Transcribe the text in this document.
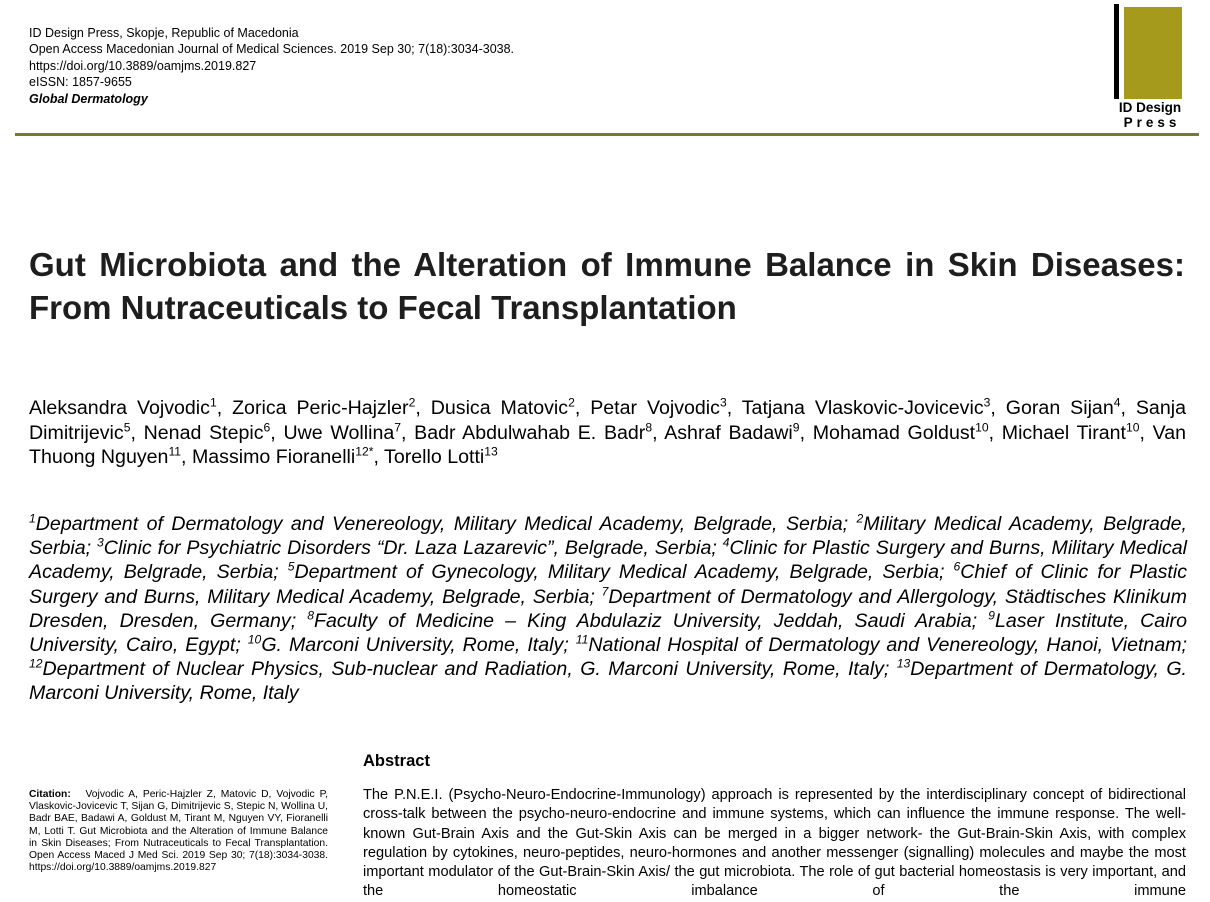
ID Design Press, Skopje, Republic of Macedonia
Open Access Macedonian Journal of Medical Sciences. 2019 Sep 30; 7(18):3034-3038.
https://doi.org/10.3889/oamjms.2019.827
eISSN: 1857-9655
Global Dermatology
ID Design
Press
Gut Microbiota and the Alteration of Immune Balance in Skin Diseases: From Nutraceuticals to Fecal Transplantation

Aleksandra Vojvodic$^1$, Zorica Peric-Hajzler$^2$, Dusica Matovic$^2$, Petar Vojvodic$^3$, Tatjana Vlaskovic-Jovicevic$^3$, Goran Sijan$^4$, Sanja Dimitrijevic$^5$, Nenad Stepic$^6$, Uwe Wollina$^7$, Badr Abdulwahab E. Badr$^8$, Ashraf Badawi$^9$, Mohamad Goldust$^{10}$, Michael Tirant$^{10}$, Van Thuong Nguyen$^{11}$, Massimo Fioranelli$^{12*}$, Torello Lotti$^{13}$

$^1$Department of Dermatology and Venereology, Military Medical Academy, Belgrade, Serbia; $^2$Military Medical Academy, Belgrade, Serbia; $^3$Clinic for Psychiatric Disorders “Dr. Laza Lazarevic”, Belgrade, Serbia; $^4$Clinic for Plastic Surgery and Burns, Military Medical Academy, Belgrade, Serbia; $^5$Department of Gynecology, Military Medical Academy, Belgrade, Serbia; $^6$Chief of Clinic for Plastic Surgery and Burns, Military Medical Academy, Belgrade, Serbia; $^7$Department of Dermatology and Allergology, Städtisches Klinikum Dresden, Dresden, Germany; $^8$Faculty of Medicine – King Abdulaziz University, Jeddah, Saudi Arabia; $^9$Laser Institute, Cairo University, Cairo, Egypt; $^{10}$G. Marconi University, Rome, Italy; $^{11}$National Hospital of Dermatology and Venereology, Hanoi, Vietnam; $^{12}$Department of Nuclear Physics, Sub-nuclear and Radiation, G. Marconi University, Rome, Italy; $^{13}$Department of Dermatology, G. Marconi University, Rome, Italy

Citation: Vojvodic A, Peric-Hajzler Z, Matovic D, Vojvodic P, Vlaskovic-Jovicevic T, Sijan G, Dimitrijevic S, Stepic N, Wollina U, Badr BAE, Badawi A, Goldust M, Tirant M, Nguyen VY, Fioranelli M, Lotti T. Gut Microbiota and the Alteration of Immune Balance in Skin Diseases; From Nutraceuticals to Fecal Transplantation. Open Access Maced J Med Sci. 2019 Sep 30; 7(18):3034-3038. https://doi.org/10.3889/oamjms.2019.827

Abstract

The P.N.E.I. (Psycho-Neuro-Endocrine-Immunology) approach is represented by the interdisciplinary concept of bidirectional cross-talk between the psycho-neuro-endocrine and immune systems, which can influence the immune response. The well-known Gut-Brain Axis and the Gut-Skin Axis can be merged in a bigger network- the Gut-Brain-Skin Axis, with complex regulation by cytokines, neuro-peptides, neuro-hormones and another messenger (signalling) molecules and maybe the most important modulator of the Gut-Brain-Skin Axis/ the gut microbiota. The role of gut bacterial homeostasis is very important, and the homeostatic imbalance of the immune
